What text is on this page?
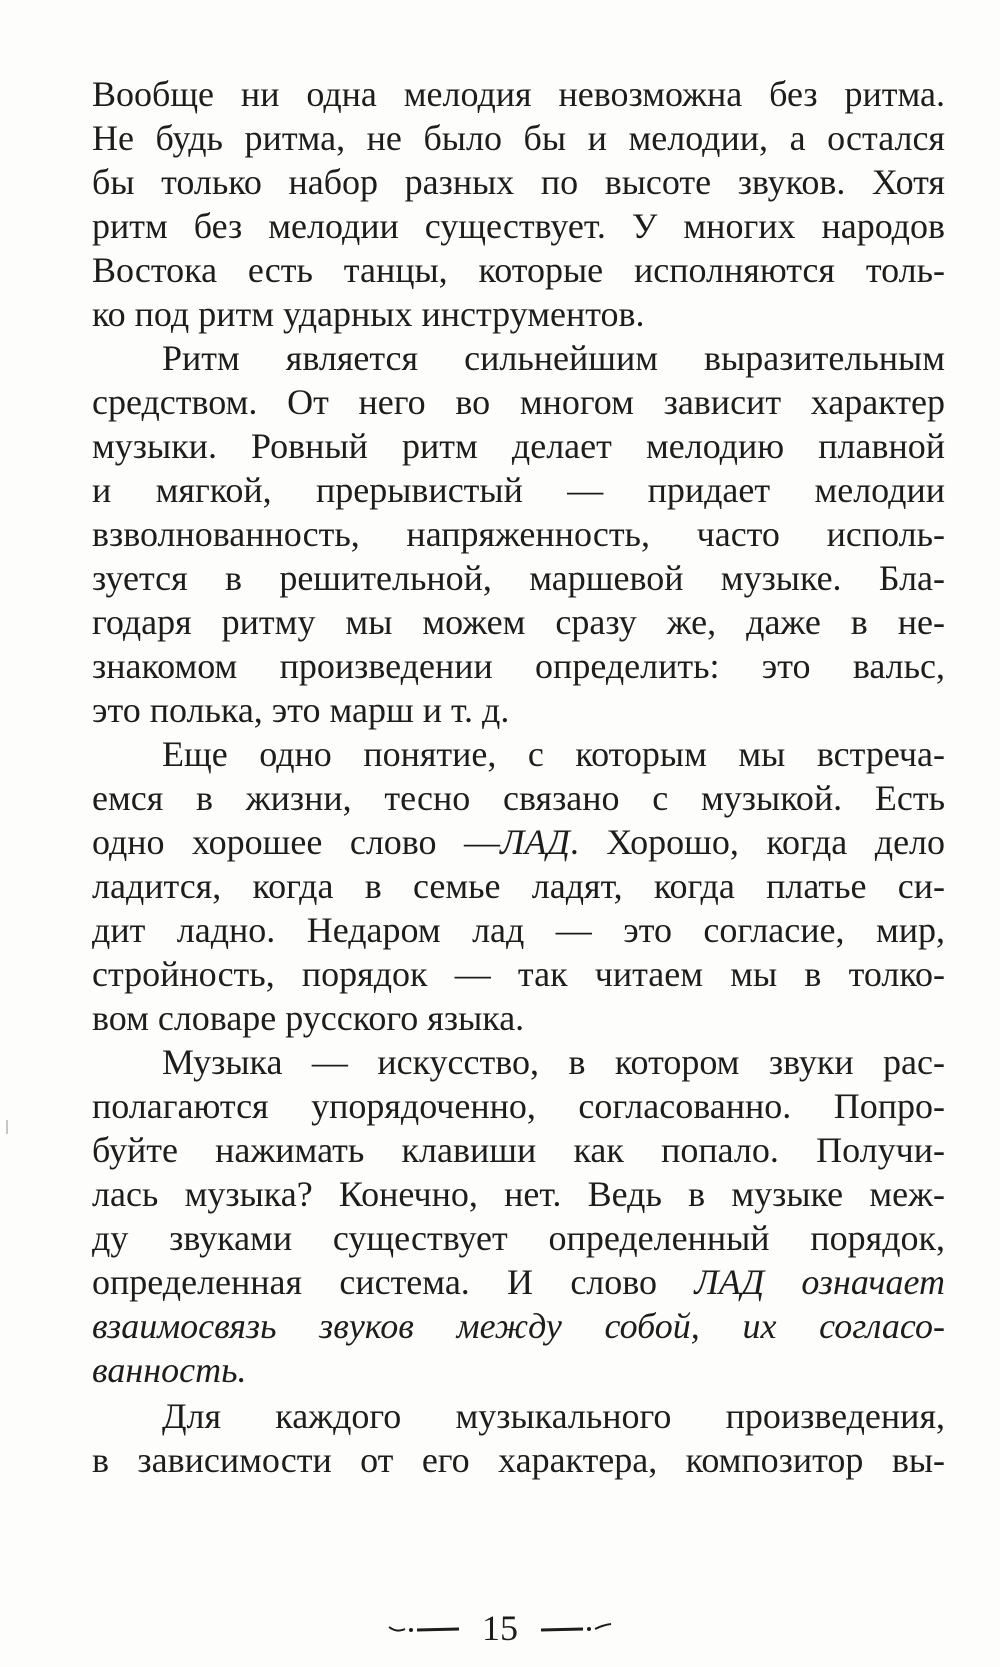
Вообще ни одна мелодия невозможна без ритма.
Не будь ритма, не было бы и мелодии, а остался
бы только набор разных по высоте звуков. Хотя
ритм без мелодии существует. У многих народов
Востока есть танцы, которые исполняются толь-
ко под ритм ударных инструментов.
Ритм является сильнейшим выразительным
средством. От него во многом зависит характер
музыки. Ровный ритм делает мелодию плавной
и мягкой, прерывистый — придает мелодии
взволнованность, напряженность, часто исполь-
зуется в решительной, маршевой музыке. Бла-
годаря ритму мы можем сразу же, даже в не-
знакомом произведении определить: это вальс,
это полька, это марш и т. д.
Еще одно понятие, с которым мы встреча-
емся в жизни, тесно связано с музыкой. Есть
одно хорошее слово —ЛАД. Хорошо, когда дело
ладится, когда в семье ладят, когда платье си-
дит ладно. Недаром лад — это согласие, мир,
стройность, порядок — так читаем мы в толко-
вом словаре русского языка.
Музыка — искусство, в котором звуки рас-
полагаются упорядоченно, согласованно. Попро-
буйте нажимать клавиши как попало. Получи-
лась музыка? Конечно, нет. Ведь в музыке меж-
ду звуками существует определенный порядок,
определенная система. И слово ЛАД означает
взаимосвязь звуков между собой, их согласо-
ванность.
Для каждого музыкального произведения,
в зависимости от его характера, композитор вы-
15
